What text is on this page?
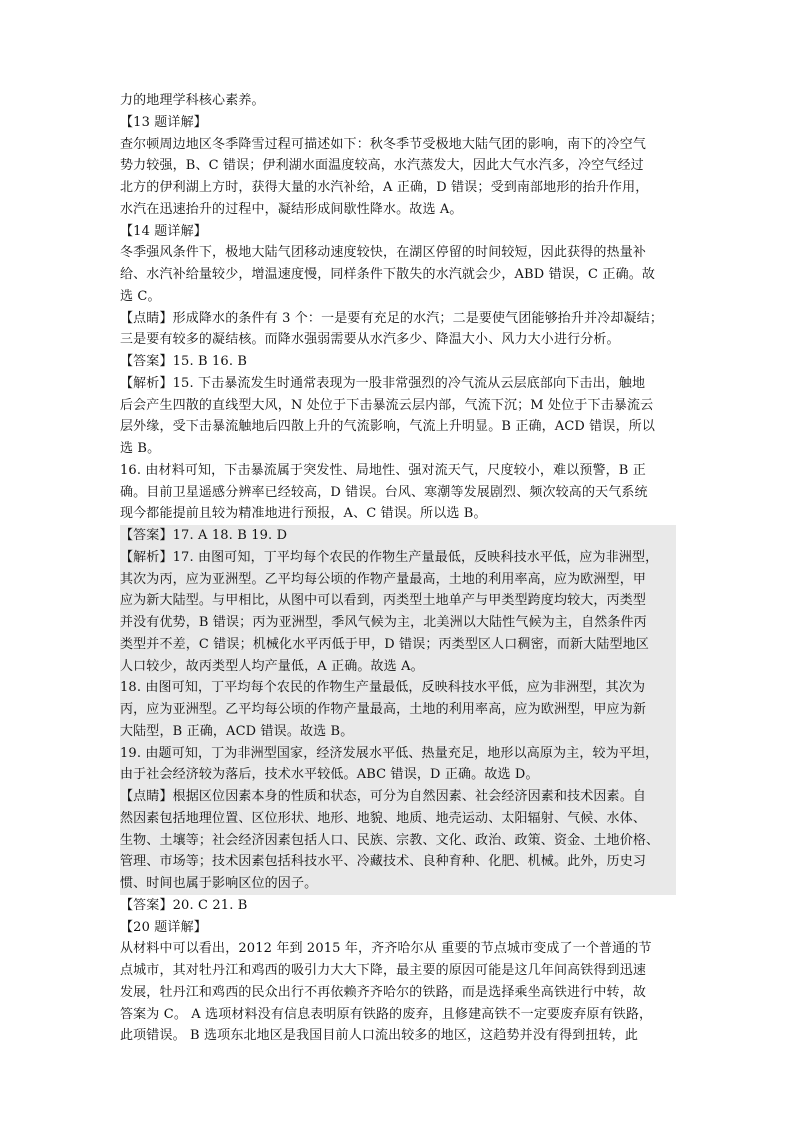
力的地理学科核心素养。
【13 题详解】
查尔顿周边地区冬季降雪过程可描述如下：秋冬季节受极地大陆气团的影响，南下的冷空气
势力较强，B、C 错误；伊利湖水面温度较高，水汽蒸发大，因此大气水汽多，冷空气经过
北方的伊利湖上方时，获得大量的水汽补给，A 正确，D 错误；受到南部地形的抬升作用，
水汽在迅速抬升的过程中，凝结形成间歇性降水。故选 A。
【14 题详解】
冬季强风条件下，极地大陆气团移动速度较快，在湖区停留的时间较短，因此获得的热量补
给、水汽补给量较少，增温速度慢，同样条件下散失的水汽就会少，ABD 错误，C 正确。故
选 C。
【点睛】形成降水的条件有 3 个：一是要有充足的水汽；二是要使气团能够抬升并冷却凝结；
三是要有较多的凝结核。而降水强弱需要从水汽多少、降温大小、风力大小进行分析。
【答案】15. B 16. B
【解析】15. 下击暴流发生时通常表现为一股非常强烈的冷气流从云层底部向下击出，触地
后会产生四散的直线型大风，N 处位于下击暴流云层内部，气流下沉；M 处位于下击暴流云
层外缘，受下击暴流触地后四散上升的气流影响，气流上升明显。B 正确，ACD 错误，所以
选 B。
16. 由材料可知，下击暴流属于突发性、局地性、强对流天气，尺度较小，难以预警，B 正
确。目前卫星遥感分辨率已经较高，D 错误。台风、寒潮等发展剧烈、频次较高的天气系统
现今都能提前且较为精准地进行预报，A、C 错误。所以选 B。
【答案】17. A 18. B 19. D
【解析】17. 由图可知，丁平均每个农民的作物生产量最低，反映科技水平低，应为非洲型，
其次为丙，应为亚洲型。乙平均每公顷的作物产量最高，土地的利用率高，应为欧洲型，甲
应为新大陆型。与甲相比，从图中可以看到，丙类型土地单产与甲类型跨度均较大，丙类型
并没有优势，B 错误；丙为亚洲型，季风气候为主，北美洲以大陆性气候为主，自然条件丙
类型并不差，C 错误；机械化水平丙低于甲，D 错误；丙类型区人口稠密，而新大陆型地区
人口较少，故丙类型人均产量低，A 正确。故选 A。
18. 由图可知，丁平均每个农民的作物生产量最低，反映科技水平低，应为非洲型，其次为
丙，应为亚洲型。乙平均每公顷的作物产量最高，土地的利用率高，应为欧洲型，甲应为新
大陆型，B 正确，ACD 错误。故选 B。
19. 由题可知，丁为非洲型国家，经济发展水平低、热量充足，地形以高原为主，较为平坦，
由于社会经济较为落后，技术水平较低。ABC 错误，D 正确。故选 D。
【点睛】根据区位因素本身的性质和状态，可分为自然因素、社会经济因素和技术因素。自
然因素包括地理位置、区位形状、地形、地貌、地质、地壳运动、太阳辐射、气候、水体、
生物、土壤等；社会经济因素包括人口、民族、宗教、文化、政治、政策、资金、土地价格、
管理、市场等；技术因素包括科技水平、冷藏技术、良种育种、化肥、机械。此外，历史习
惯、时间也属于影响区位的因子。
【答案】20. C 21. B
【20 题详解】
从材料中可以看出，2012 年到 2015 年，齐齐哈尔从 重要的节点城市变成了一个普通的节
点城市，其对牡丹江和鸡西的吸引力大大下降，最主要的原因可能是这几年间高铁得到迅速
发展，牡丹江和鸡西的民众出行不再依赖齐齐哈尔的铁路，而是选择乘坐高铁进行中转，故
答案为 C。 A 选项材料没有信息表明原有铁路的废弃，且修建高铁不一定要废弃原有铁路，
此项错误。 B 选项东北地区是我国目前人口流出较多的地区，这趋势并没有得到扭转，此
